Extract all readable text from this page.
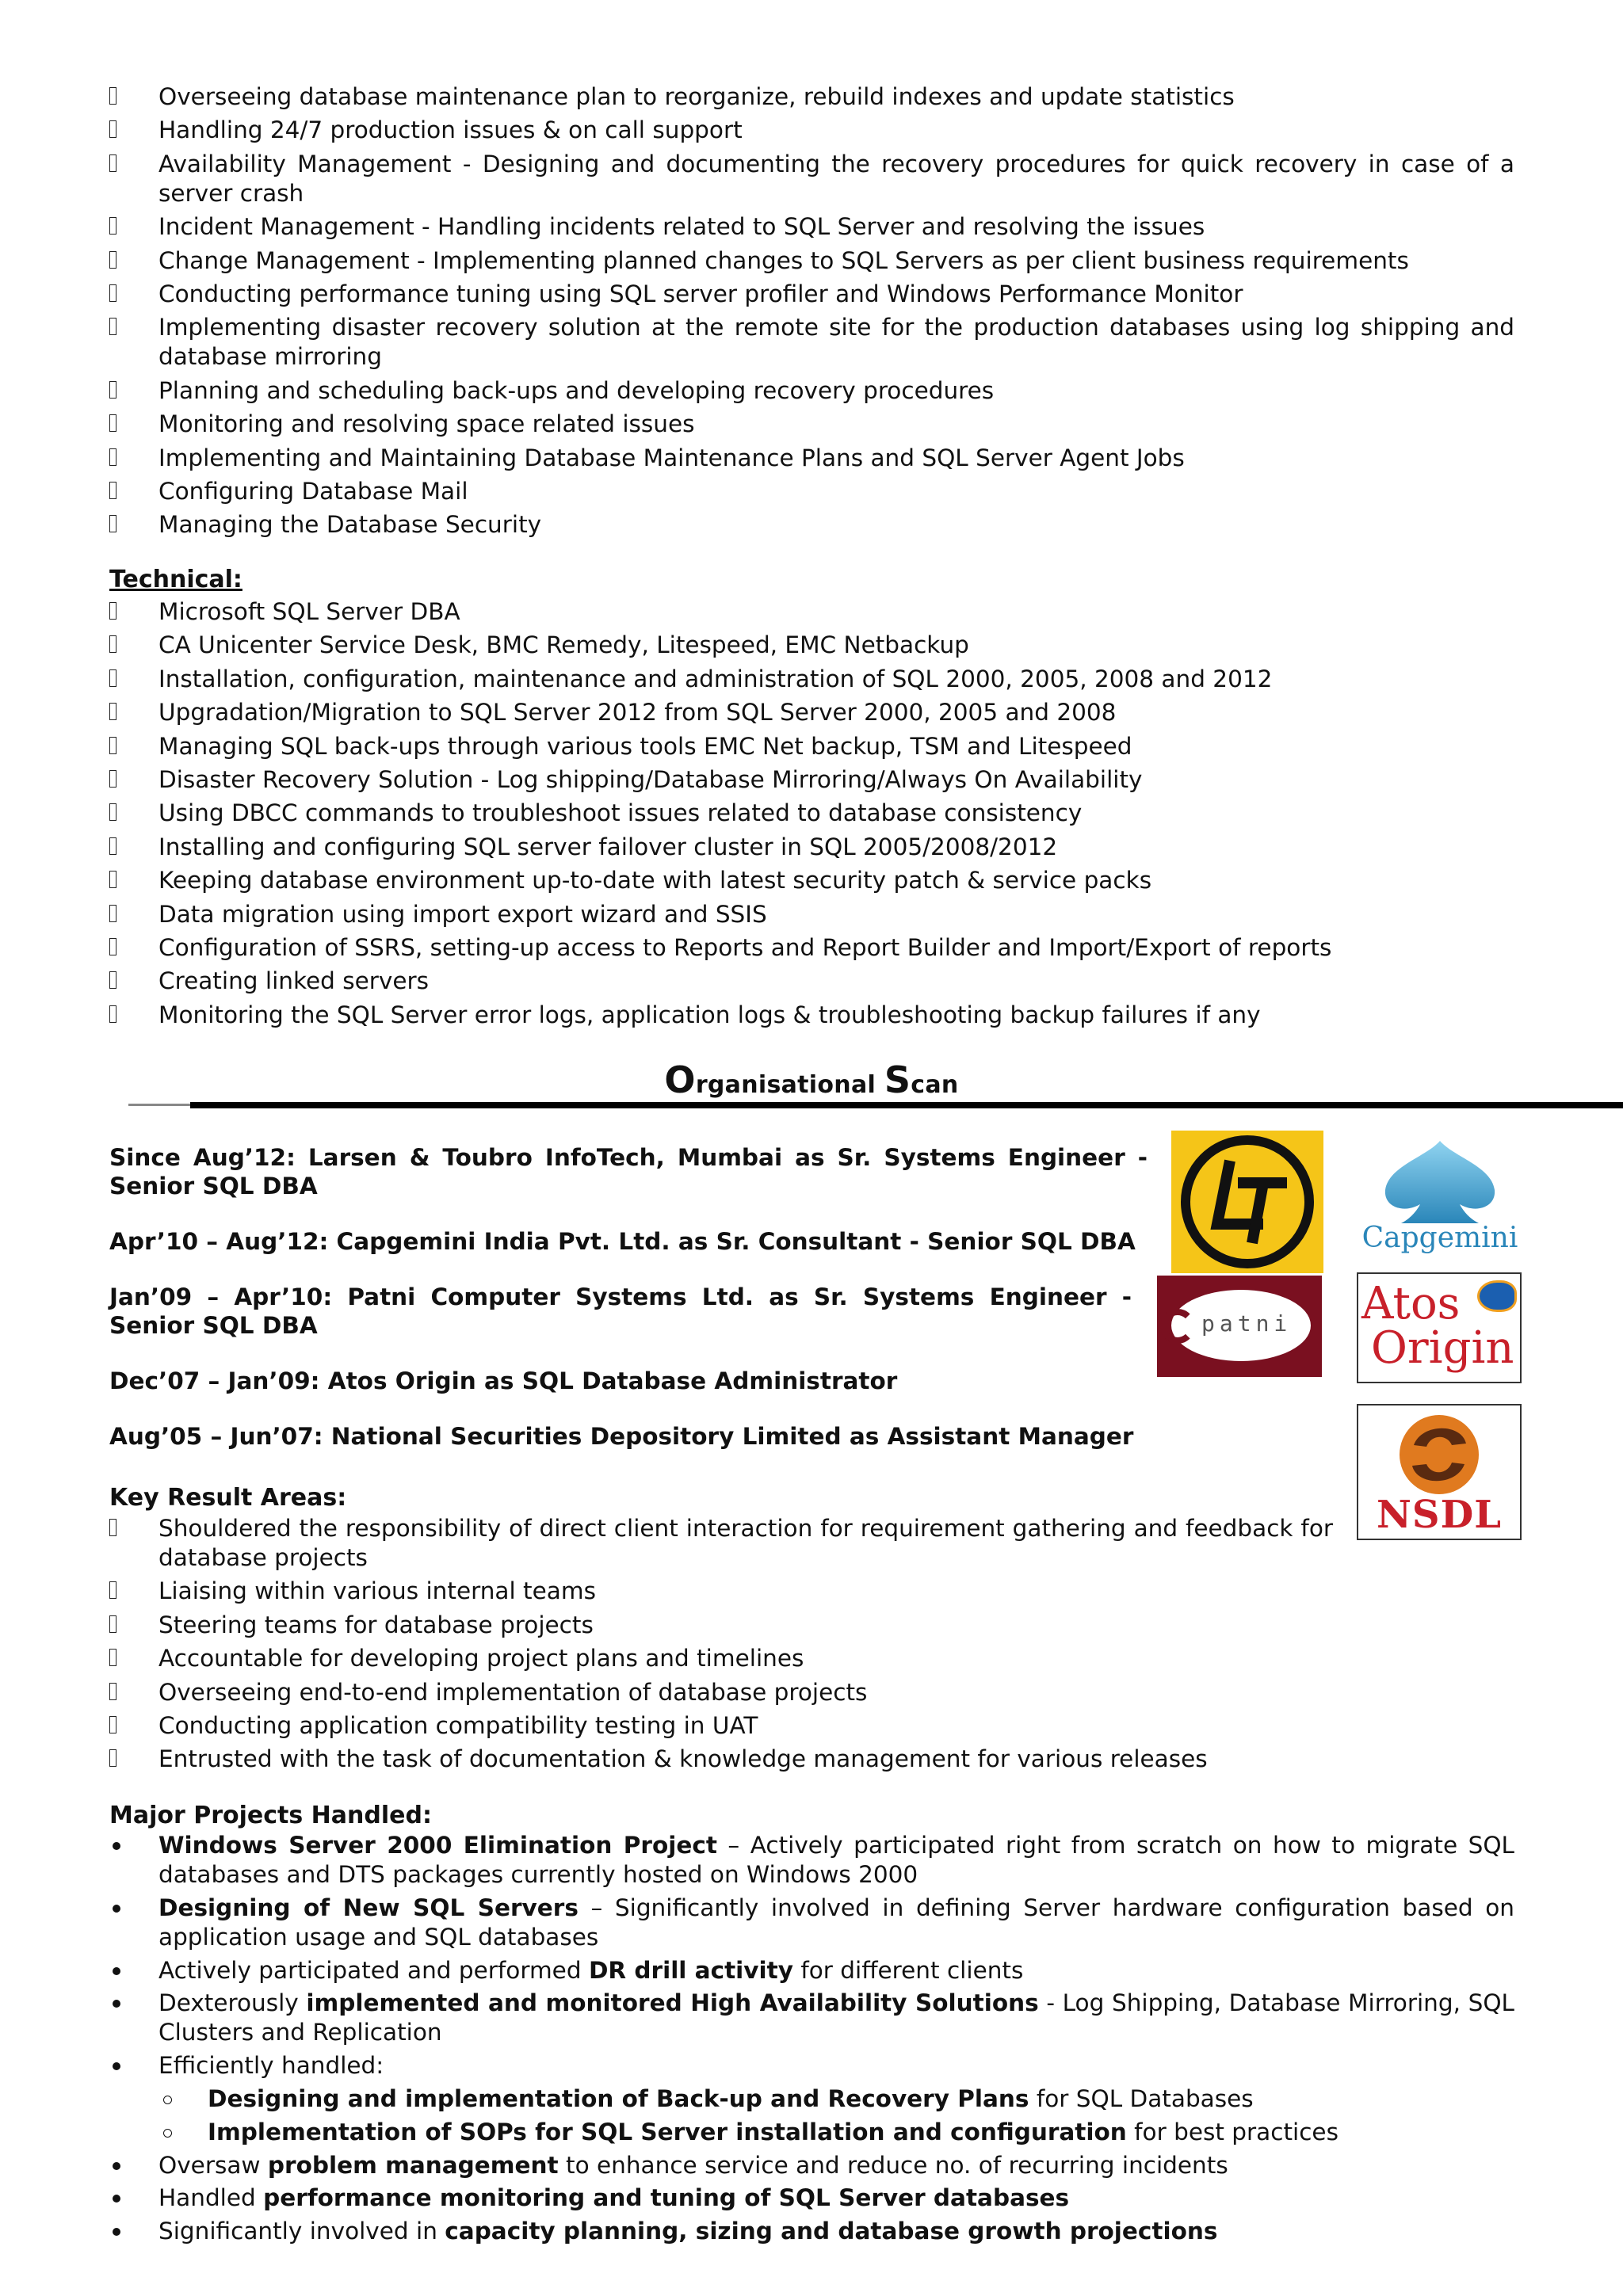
Overseeing database maintenance plan to reorganize, rebuild indexes and update statistics
Handling 24/7 production issues & on call support
Availability Management - Designing and documenting the recovery procedures for quick recovery in case of a server crash
Incident Management - Handling incidents related to SQL Server and resolving the issues
Change Management - Implementing planned changes to SQL Servers as per client business requirements
Conducting performance tuning using SQL server profiler and Windows Performance Monitor
Implementing disaster recovery solution at the remote site for the production databases using log shipping and database mirroring
Planning and scheduling back-ups and developing recovery procedures
Monitoring and resolving space related issues
Implementing and Maintaining Database Maintenance Plans and SQL Server Agent Jobs
Configuring Database Mail
Managing the Database Security
Technical:
Microsoft SQL Server DBA
CA Unicenter Service Desk, BMC Remedy, Litespeed, EMC Netbackup
Installation, configuration, maintenance and administration of SQL 2000, 2005, 2008 and 2012
Upgradation/Migration to SQL Server 2012 from SQL Server 2000, 2005 and 2008
Managing SQL back-ups through various tools EMC Net backup, TSM and Litespeed
Disaster Recovery Solution - Log shipping/Database Mirroring/Always On Availability
Using DBCC commands to troubleshoot issues related to database consistency
Installing and configuring SQL server failover cluster in SQL 2005/2008/2012
Keeping database environment up-to-date with latest security patch & service packs
Data migration using import export wizard and SSIS
Configuration of SSRS, setting-up access to Reports and Report Builder and Import/Export of reports
Creating linked servers
Monitoring the SQL Server error logs, application logs & troubleshooting backup failures if any
Organisational Scan
Since Aug’12: Larsen & Toubro InfoTech, Mumbai as Sr. Systems Engineer - Senior SQL DBA
Apr’10 – Aug’12: Capgemini India Pvt. Ltd. as Sr. Consultant - Senior SQL DBA
Jan’09 – Apr’10: Patni Computer Systems Ltd. as Sr. Systems Engineer - Senior SQL DBA
Dec’07 – Jan’09: Atos Origin as SQL Database Administrator
Aug’05 – Jun’07: National Securities Depository Limited as Assistant Manager
Capgemini
patni	Atos
Origin
NSDL
Key Result Areas:
Shouldered the responsibility of direct client interaction for requirement gathering and feedback for database projects
Liaising within various internal teams
Steering teams for database projects
Accountable for developing project plans and timelines
Overseeing end-to-end implementation of database projects
Conducting application compatibility testing in UAT
Entrusted with the task of documentation & knowledge management for various releases
Major Projects Handled:
Windows Server 2000 Elimination Project – Actively participated right from scratch on how to migrate SQL databases and DTS packages currently hosted on Windows 2000
Designing of New SQL Servers – Significantly involved in defining Server hardware configuration based on application usage and SQL databases
Actively participated and performed DR drill activity for different clients
Dexterously implemented and monitored High Availability Solutions - Log Shipping, Database Mirroring, SQL Clusters and Replication
Efficiently handled:
Designing and implementation of Back-up and Recovery Plans for SQL Databases
Implementation of SOPs for SQL Server installation and configuration for best practices
Oversaw problem management to enhance service and reduce no. of recurring incidents
Handled performance monitoring and tuning of SQL Server databases
Significantly involved in capacity planning, sizing and database growth projections
